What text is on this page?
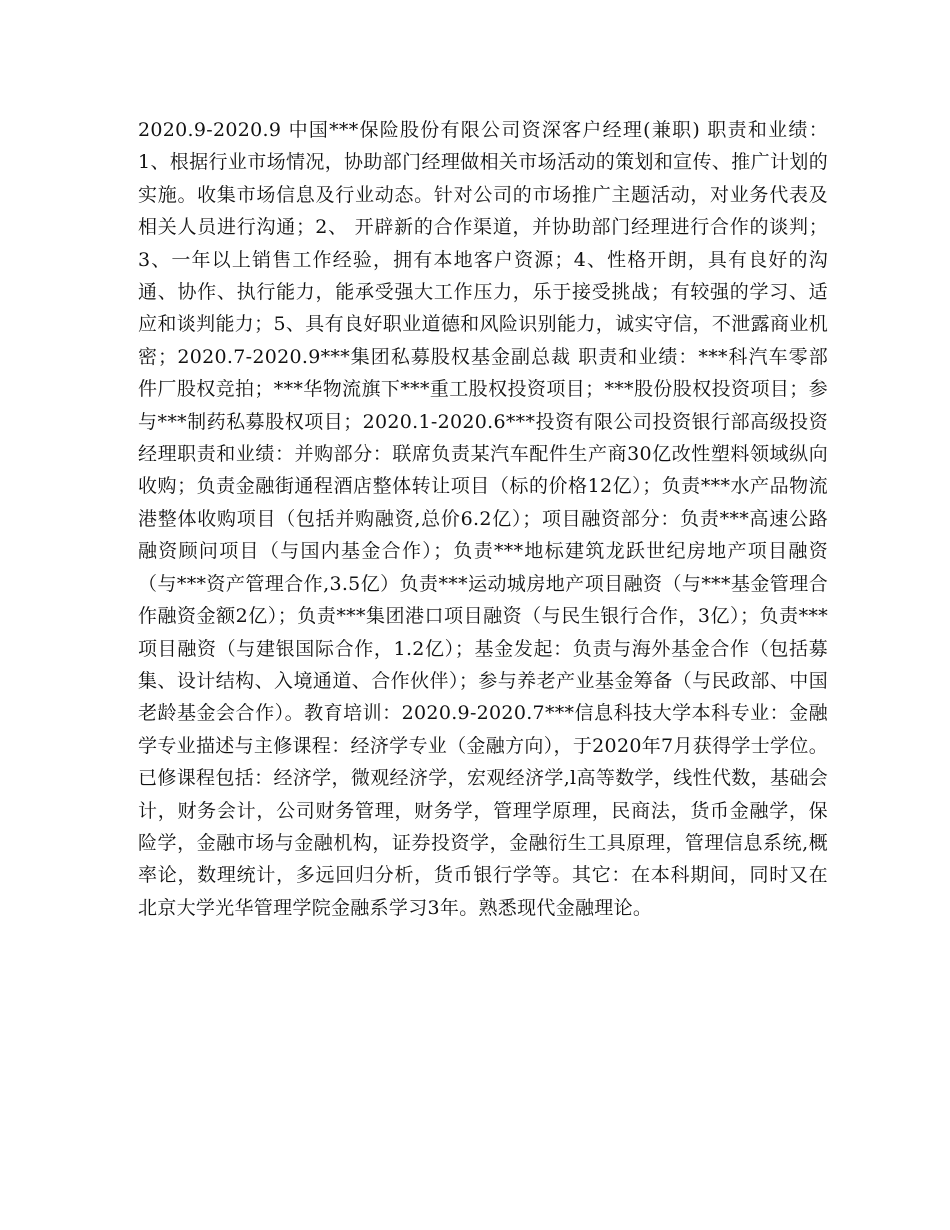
2020.9-2020.9 中国***保险股份有限公司资深客户经理(兼职) 职责和业绩：1、根据行业市场情况，协助部门经理做相关市场活动的策划和宣传、推广计划的实施。收集市场信息及行业动态。针对公司的市场推广主题活动，对业务代表及相关人员进行沟通；2、 开辟新的合作渠道，并协助部门经理进行合作的谈判；3、一年以上销售工作经验，拥有本地客户资源；4、性格开朗，具有良好的沟通、协作、执行能力，能承受强大工作压力，乐于接受挑战；有较强的学习、适应和谈判能力；5、具有良好职业道德和风险识别能力，诚实守信，不泄露商业机密；2020.7-2020.9***集团私募股权基金副总裁 职责和业绩：***科汽车零部件厂股权竞拍；***华物流旗下***重工股权投资项目；***股份股权投资项目；参与***制药私募股权项目；2020.1-2020.6***投资有限公司投资银行部高级投资经理职责和业绩：并购部分：联席负责某汽车配件生产商30亿改性塑料领域纵向收购；负责金融街通程酒店整体转让项目（标的价格12亿）；负责***水产品物流港整体收购项目（包括并购融资,总价6.2亿）；项目融资部分：负责***高速公路融资顾问项目（与国内基金合作）；负责***地标建筑龙跃世纪房地产项目融资（与***资产管理合作,3.5亿）负责***运动城房地产项目融资（与***基金管理合作融资金额2亿）；负责***集团港口项目融资（与民生银行合作，3亿）；负责***项目融资（与建银国际合作，1.2亿）；基金发起：负责与海外基金合作（包括募集、设计结构、入境通道、合作伙伴）；参与养老产业基金筹备（与民政部、中国老龄基金会合作）。教育培训：2020.9-2020.7***信息科技大学本科专业：金融学专业描述与主修课程：经济学专业（金融方向），于2020年7月获得学士学位。已修课程包括：经济学，微观经济学，宏观经济学,l高等数学，线性代数，基础会计，财务会计，公司财务管理，财务学，管理学原理，民商法，货币金融学，保险学，金融市场与金融机构，证券投资学，金融衍生工具原理，管理信息系统,概率论，数理统计，多远回归分析，货币银行学等。其它：在本科期间，同时又在北京大学光华管理学院金融系学习3年。熟悉现代金融理论。
